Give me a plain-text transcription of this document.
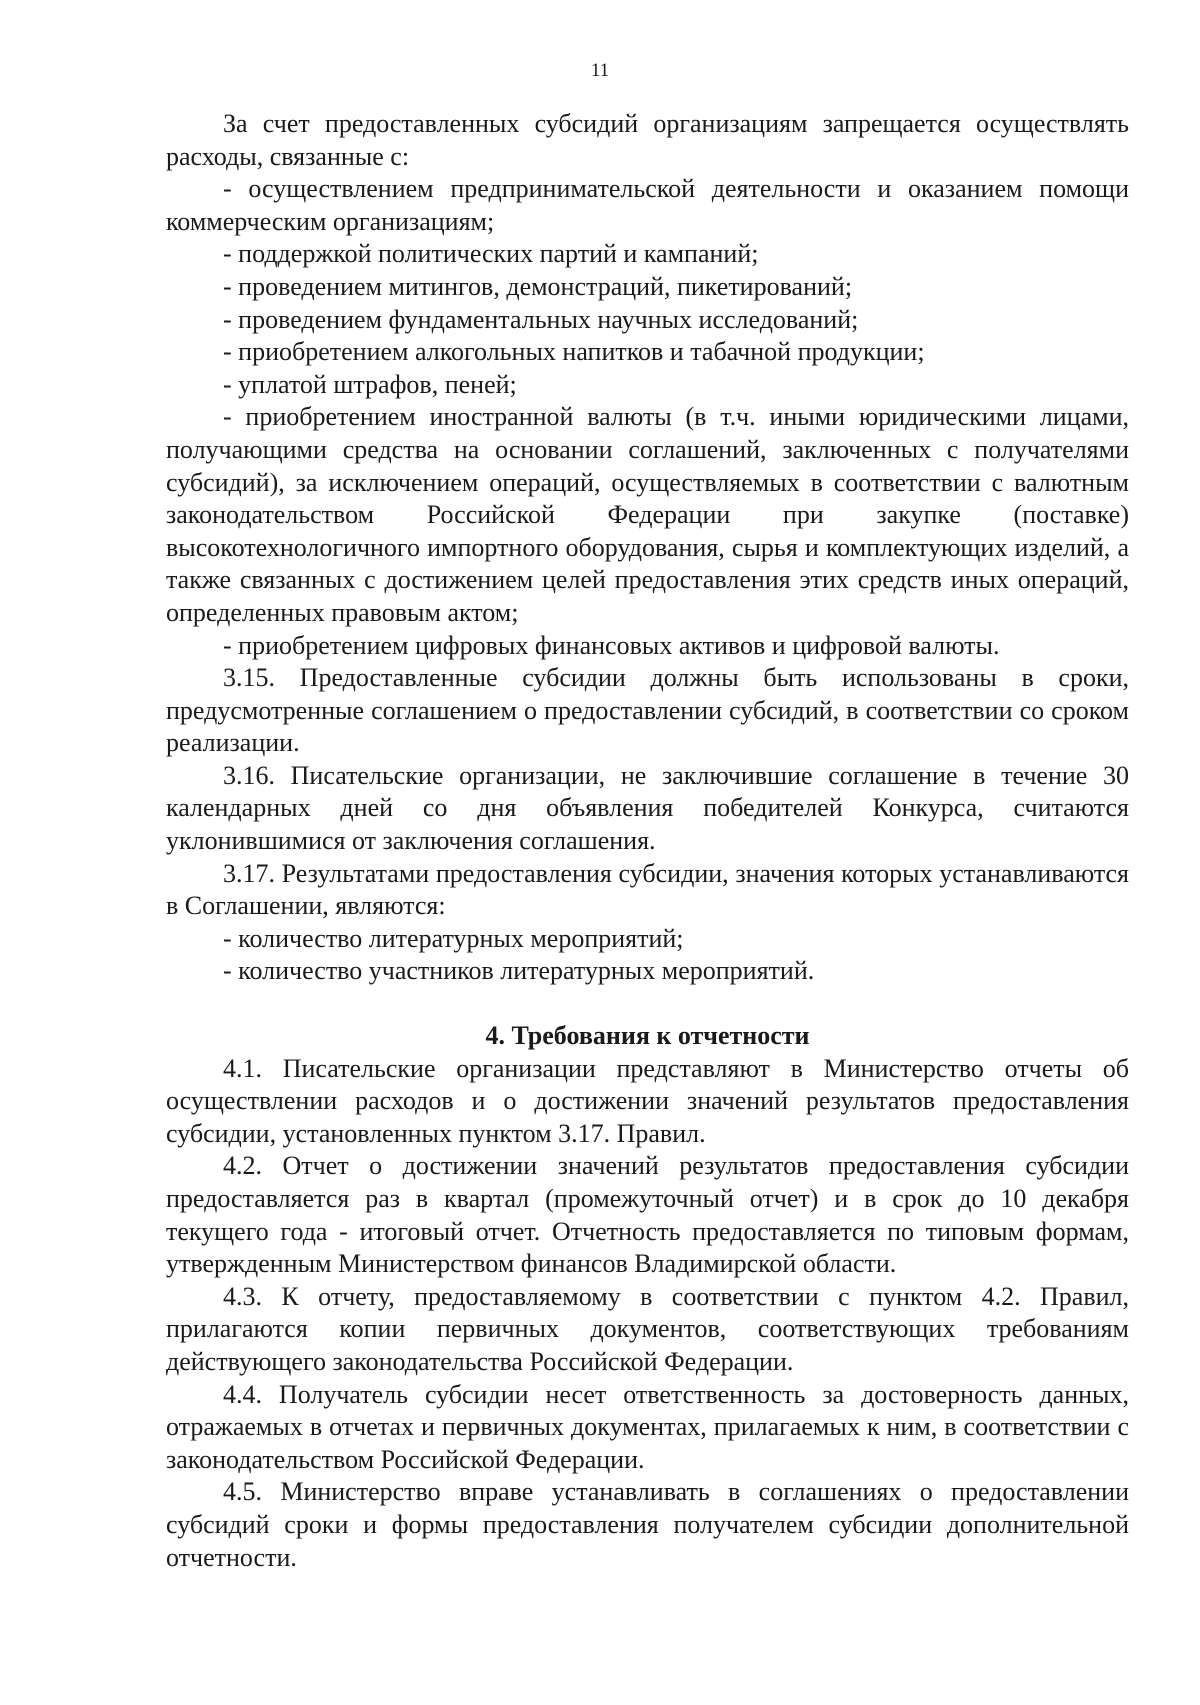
11

За счет предоставленных субсидий организациям запрещается осуществлять расходы, связанные с:

- осуществлением предпринимательской деятельности и оказанием помощи коммерческим организациям;

- поддержкой политических партий и кампаний;

- проведением митингов, демонстраций, пикетирований;

- проведением фундаментальных научных исследований;

- приобретением алкогольных напитков и табачной продукции;

- уплатой штрафов, пеней;

- приобретением иностранной валюты (в т.ч. иными юридическими лицами, получающими средства на основании соглашений, заключенных с получателями субсидий), за исключением операций, осуществляемых в соответствии с валютным законодательством Российской Федерации при закупке (поставке) высокотехнологичного импортного оборудования, сырья и комплектующих изделий, а также связанных с достижением целей предоставления этих средств иных операций, определенных правовым актом;

- приобретением цифровых финансовых активов и цифровой валюты.

3.15. Предоставленные субсидии должны быть использованы в сроки, предусмотренные соглашением о предоставлении субсидий, в соответствии со сроком реализации.

3.16. Писательские организации, не заключившие соглашение в течение 30 календарных дней со дня объявления победителей Конкурса, считаются уклонившимися от заключения соглашения.

3.17. Результатами предоставления субсидии, значения которых устанавливаются в Соглашении, являются:

- количество литературных мероприятий;

- количество участников литературных мероприятий.

4. Требования к отчетности

4.1. Писательские организации представляют в Министерство отчеты об осуществлении расходов и о достижении значений результатов предоставления субсидии, установленных пунктом 3.17. Правил.

4.2. Отчет о достижении значений результатов предоставления субсидии предоставляется раз в квартал (промежуточный отчет) и в срок до 10 декабря текущего года - итоговый отчет. Отчетность предоставляется по типовым формам, утвержденным Министерством финансов Владимирской области.

4.3. К отчету, предоставляемому в соответствии с пунктом 4.2. Правил, прилагаются копии первичных документов, соответствующих требованиям действующего законодательства Российской Федерации.

4.4. Получатель субсидии несет ответственность за достоверность данных, отражаемых в отчетах и первичных документах, прилагаемых к ним, в соответствии с законодательством Российской Федерации.

4.5. Министерство вправе устанавливать в соглашениях о предоставлении субсидий сроки и формы предоставления получателем субсидии дополнительной отчетности.
